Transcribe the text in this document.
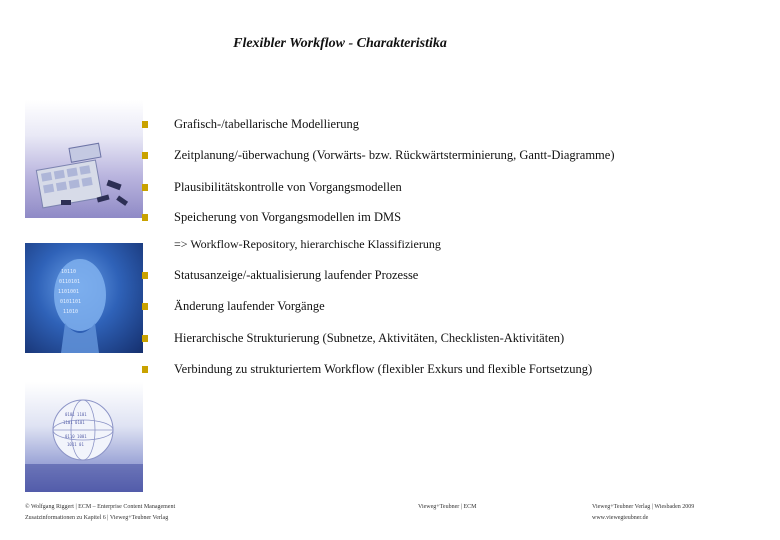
Flexibler Workflow - Charakteristika
10110
0110101
1101001
0101101
11010
0101 1101
1101 0101
0110 1001
1011 01
Grafisch-/tabellarische Modellierung
Zeitplanung/-überwachung (Vorwärts- bzw. Rückwärtsterminierung, Gantt-Diagramme)
Plausibilitätskontrolle von Vorgangsmodellen
Speicherung von Vorgangsmodellen im DMS
Statusanzeige/-aktualisierung laufender Prozesse
Änderung laufender Vorgänge
Hierarchische Strukturierung (Subnetze, Aktivitäten, Checklisten-Aktivitäten)
Verbindung zu strukturiertem Workflow (flexibler Exkurs und flexible Fortsetzung)
=> Workflow-Repository, hierarchische Klassifizierung
© Wolfgang Riggert | ECM – Enterprise Content Management
Zusatzinformationen zu Kapitel 6 | Vieweg+Teubner Verlag
Vieweg+Teubner | ECM	Vieweg+Teubner Verlag | Wiesbaden 2009
www.viewegteubner.de
